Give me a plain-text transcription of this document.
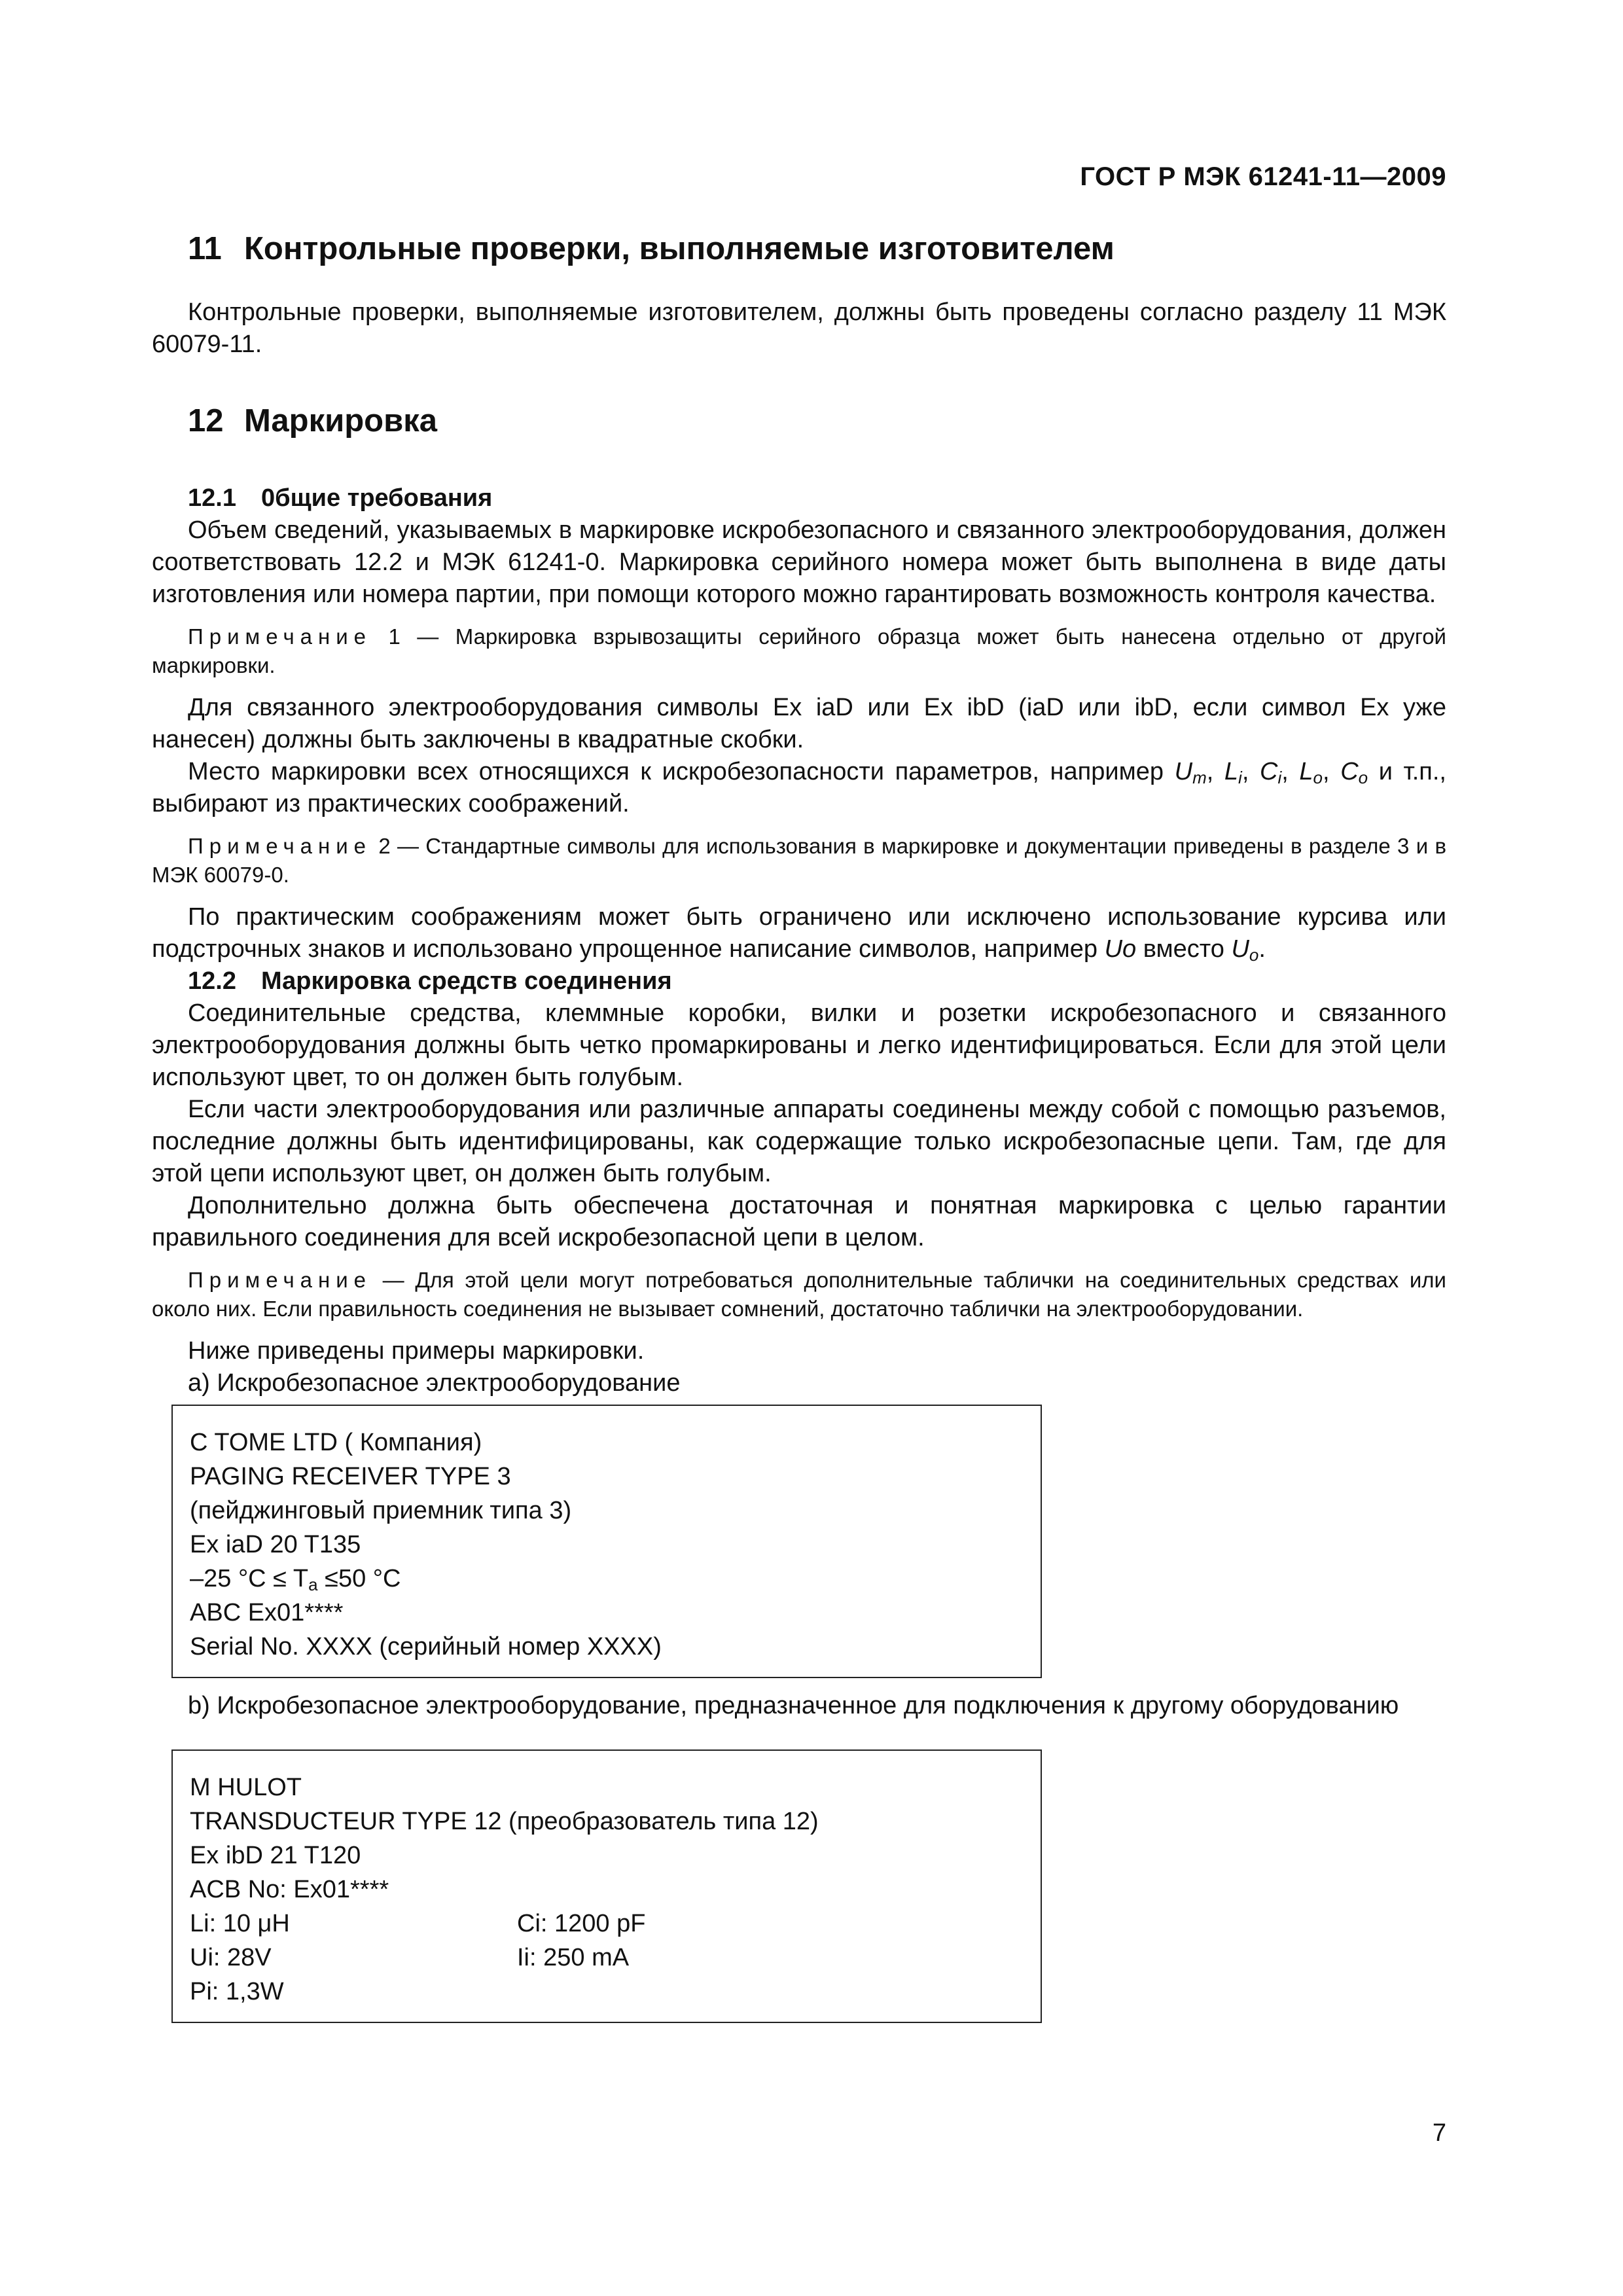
ГОСТ Р МЭК 61241-11—2009
11 Контрольные проверки, выполняемые изготовителем

Контрольные проверки, выполняемые изготовителем, должны быть проведены согласно разделу 11 МЭК 60079-11.

12 Маркировка
12.1 0бщие требования

Объем сведений, указываемых в маркировке искробезопасного и связанного электрооборудования, должен соответствовать 12.2 и МЭК 61241-0. Маркировка серийного номера может быть выполнена в виде даты изготовления или номера партии, при помощи которого можно гарантировать возможность контроля качества.

Примечание 1 — Маркировка взрывозащиты серийного образца может быть нанесена отдельно от другой маркировки.

Для связанного электрооборудования символы Ex iaD или Ex ibD (iaD или ibD, если символ Ex уже нанесен) должны быть заключены в квадратные скобки.

Место маркировки всех относящихся к искробезопасности параметров, например $U_m$, $L_i$, $C_i$, $L_o$, $C_o$ и т.п., выбирают из практических соображений.

Примечание 2 — Стандартные символы для использования в маркировке и документации приведены в разделе 3 и в МЭК 60079-0.

По практическим соображениям может быть ограничено или исключено использование курсива или подстрочных знаков и использовано упрощенное написание символов, например Uo вместо $U_o$.

12.2 Маркировка средств соединения

Соединительные средства, клеммные коробки, вилки и розетки искробезопасного и связанного электрооборудования должны быть четко промаркированы и легко идентифицироваться. Если для этой цели используют цвет, то он должен быть голубым.

Если части электрооборудования или различные аппараты соединены между собой с помощью разъемов, последние должны быть идентифицированы, как содержащие только искробезопасные цепи. Там, где для этой цепи используют цвет, он должен быть голубым.

Дополнительно должна быть обеспечена достаточная и понятная маркировка с целью гарантии правильного соединения для всей искробезопасной цепи в целом.

Примечание — Для этой цели могут потребоваться дополнительные таблички на соединительных средствах или около них. Если правильность соединения не вызывает сомнений, достаточно таблички на электрооборудовании.

Ниже приведены примеры маркировки.

a) Искробезопасное электрооборудование

C TOME LTD ( Компания)
PAGING RECEIVER TYPE 3
(пейджинговый приемник типа 3)
Ex iaD 20 T135
–25 $^\circ C \le T_a \le 50$ °C
ABC Ex01****
Serial No. XXXX (серийный номер XXXX)

b) Искробезопасное электрооборудование, предназначенное для подключения к другому оборудованию

M HULOT
TRANSDUCTEUR TYPE 12 (преобразователь типа 12)
Ex ibD 21 T120
ACB No: Ex01****
Li: 10 μH	Ci: 1200 pF
Ui: 28V	Ii: 250 mA
Pi: 1,3W
7
